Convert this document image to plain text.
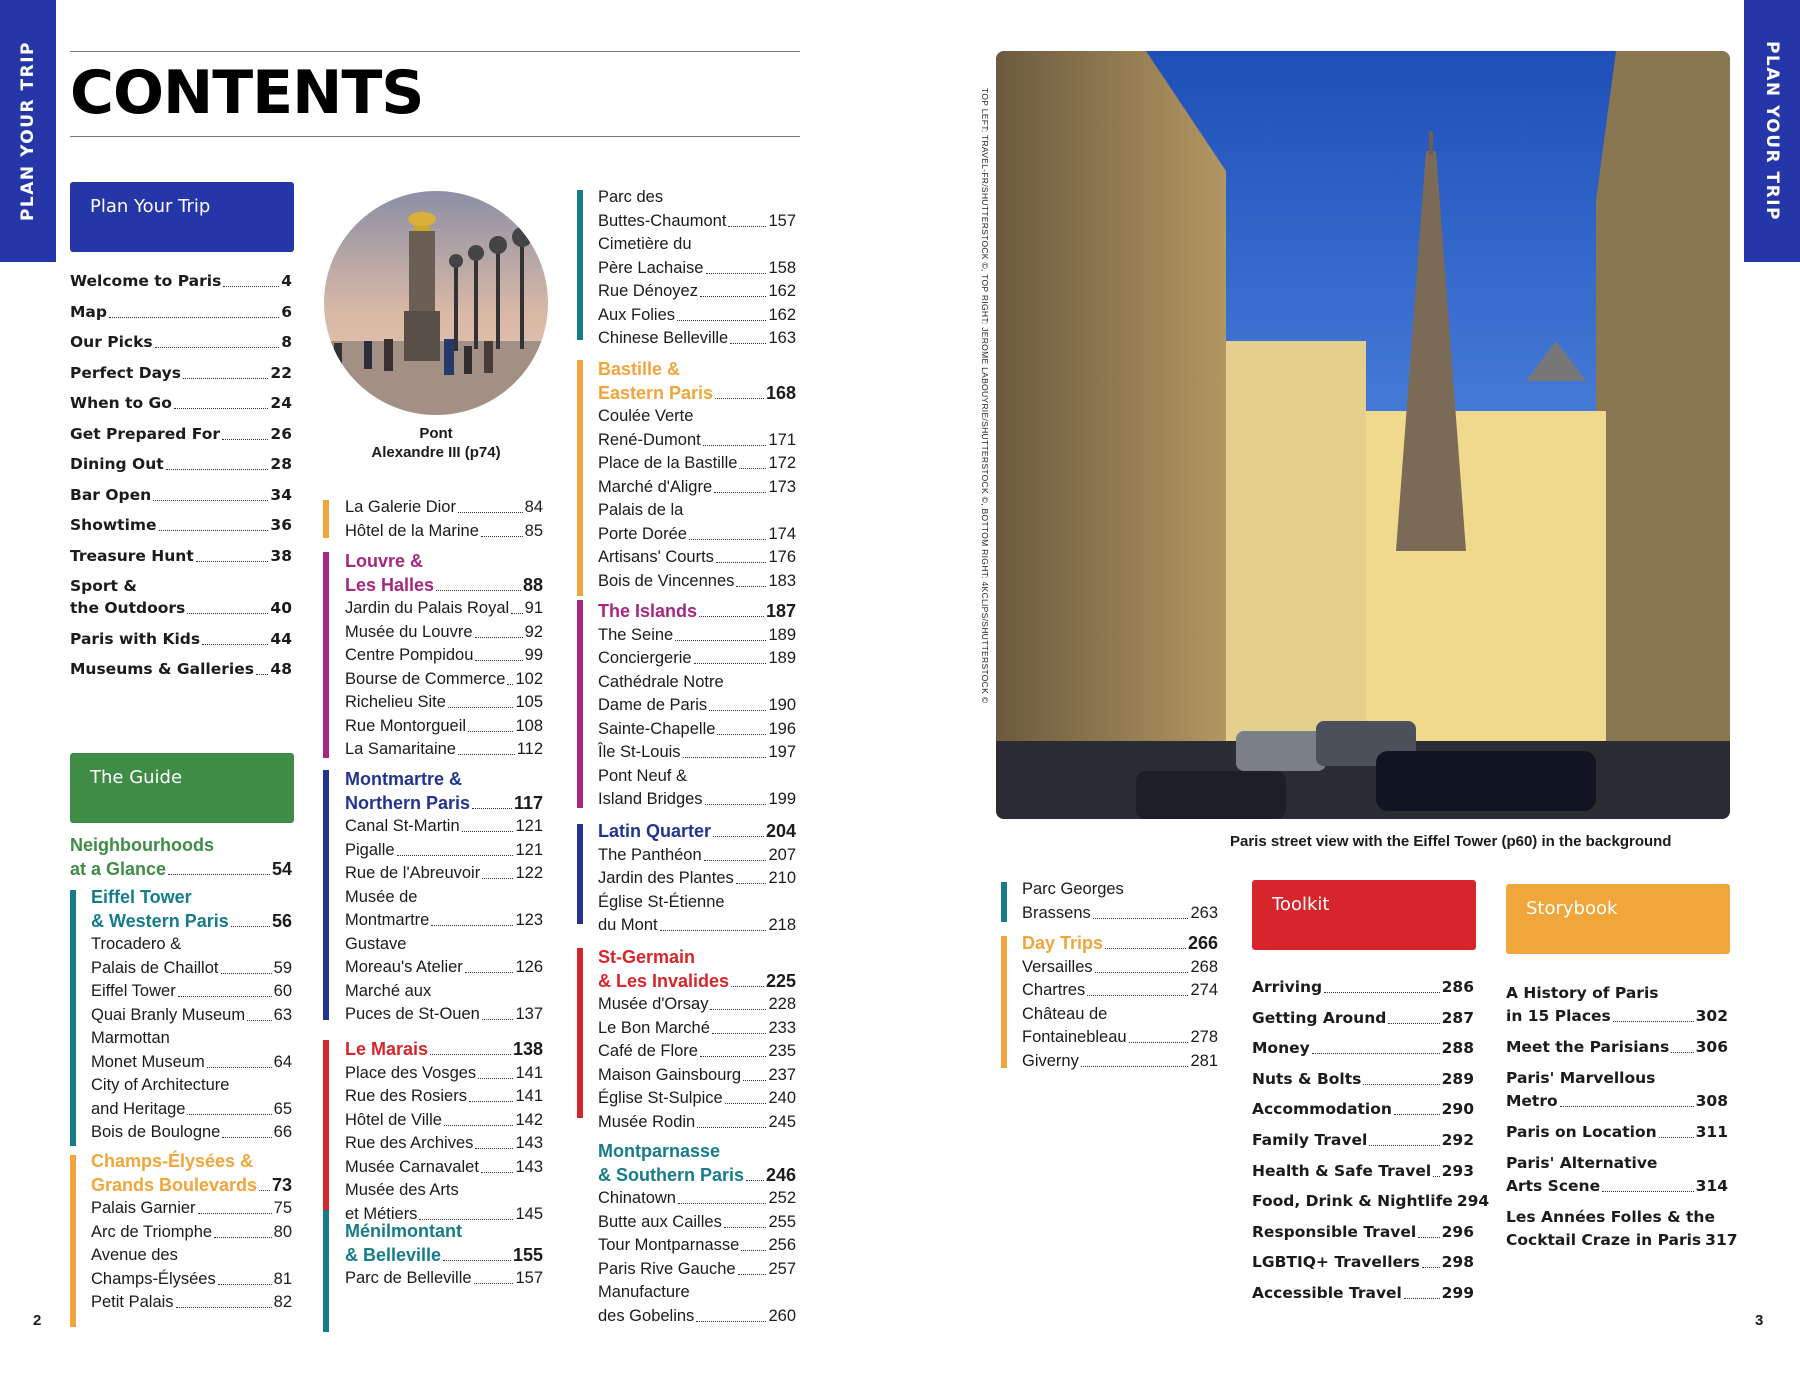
PLAN YOUR TRIP	PLAN YOUR TRIP
CONTENTS
Plan Your Trip
The Guide
Pont
Alexandre III (p74)	TOP LEFT: TRAVEL-FR/SHUTTERSTOCK ©, TOP RIGHT: JEROME LABOUYRIE/SHUTTERSTOCK ©, BOTTOM RIGHT: 4KCLIPS/SHUTTERSTOCK ©
Paris street view with the Eiffel Tower (p60) in the background
Toolkit	Storybook
2	3
Welcome to Paris	4
Map	6
Our Picks	8
Perfect Days	22
When to Go	24
Get Prepared For	26
Dining Out	28
Bar Open	34
Showtime	36
Treasure Hunt	38
Sport &
the Outdoors	40
Paris with Kids	44
Museums & Galleries 48
Neighbourhoods
at a Glance	54
Eiffel Tower
& Western Paris 56
Trocadero &
Palais de Chaillot	59
Eiffel Tower	60
Quai Branly Museum 63
Marmottan
Monet Museum	64
City of Architecture
and Heritage	65
Bois de Boulogne	66
Champs-Élysées &
Grands Boulevards 73
Palais Garnier	75
Arc de Triomphe	80
Avenue des
Champs-Élysées	81
Petit Palais	82
La Galerie Dior	84
Hôtel de la Marine	85
Louvre &
Les Halles	88
Jardin du Palais Royal 91
Musée du Louvre	92
Centre Pompidou	99
Bourse de Commerce 102
Richelieu Site	105
Rue Montorgueil	108
La Samaritaine	112
Montmartre &
Northern Paris 117
Canal St-Martin	121
Pigalle	121
Rue de l'Abreuvoir 122
Musée de
Montmartre	123
Gustave
Moreau's Atelier	126
Marché aux
Puces de St-Ouen 137
Le Marais	138
Place des Vosges 141
Rue des Rosiers	141
Hôtel de Ville	142
Rue des Archives	143
Musée Carnavalet 143
Musée des Arts
et Métiers	145
Ménilmontant
& Belleville	155
Parc de Belleville	157
Parc des
Buttes-Chaumont	157
Cimetière du
Père Lachaise	158
Rue Dénoyez	162
Aux Folies	162
Chinese Belleville 163
Bastille &
Eastern Paris	168
Coulée Verte
René-Dumont	171
Place de la Bastille 172
Marché d'Aligre	173
Palais de la
Porte Dorée	174
Artisans' Courts	176
Bois de Vincennes 183
The Islands	187
The Seine	189
Conciergerie	189
Cathédrale Notre
Dame de Paris	190
Sainte-Chapelle	196
Île St-Louis	197
Pont Neuf &
Island Bridges	199
Latin Quarter	204
The Panthéon	207
Jardin des Plantes 210
Église St-Étienne
du Mont	218
St-Germain
& Les Invalides 225
Musée d'Orsay	228
Le Bon Marché	233
Café de Flore	235
Maison Gainsbourg 237
Église St-Sulpice	240
Musée Rodin	245
Montparnasse
& Southern Paris 246
Chinatown	252
Butte aux Cailles	255
Tour Montparnasse 256
Paris Rive Gauche 257
Manufacture
des Gobelins	260
Parc Georges
Brassens	263
Day Trips	266
Versailles	268
Chartres	274
Château de
Fontainebleau	278
Giverny	281
Arriving	286
Getting Around	287
Money	288
Nuts & Bolts	289
Accommodation	290
Family Travel	292
Health & Safe Travel 293
Food, Drink & Nightlife 294
Responsible Travel 296
LGBTIQ+ Travellers 298
Accessible Travel	299
A History of Paris
in 15 Places	302
Meet the Parisians 306
Paris' Marvellous
Metro	308
Paris on Location	311
Paris' Alternative
Arts Scene	314
Les Années Folles & the
Cocktail Craze in Paris 317
